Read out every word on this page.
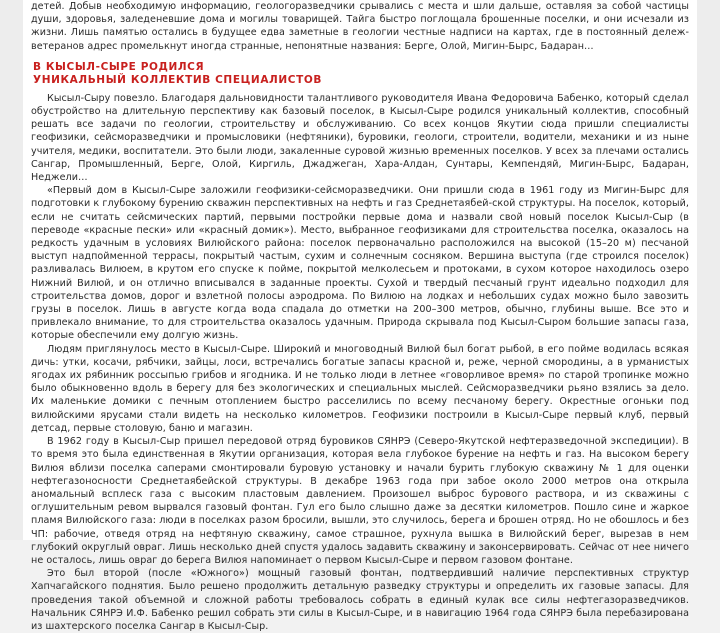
детей. Добыв необходимую информацию, геологоразведчики срывались с места и шли дальше, оставляя за собой частицы души, здоровья, заледеневшие дома и могилы товарищей. Тайга быстро поглощала брошенные поселки, и они исчезали из жизни. Лишь памятью остались в будущее едва заметные в геологии честные надписи на картах, где в постоянный дележ-ветеранов адрес промелькнут иногда странные, непонятные названия: Берге, Олой, Мигин-Бырс, Бадаран…

В КЫСЫЛ-СЫРЕ РОДИЛСЯ
УНИКАЛЬНЫЙ КОЛЛЕКТИВ СПЕЦИАЛИСТОВ

Кысыл-Сыру повезло. Благодаря дальновидности талантливого руководителя Ивана Федоровича Бабенко, который сделал обустройство на длительную перспективу как базовый поселок, в Кысыл-Сыре родился уникальный коллектив, способный решать все задачи по геологии, строительству и обслуживанию. Со всех концов Якутии сюда пришли специалисты геофизики, сейсморазведчики и промысловики (нефтяники), буровики, геологи, строители, водители, механики и из ныне учителя, медики, воспитатели. Это были люди, закаленные суровой жизнью временных поселков. У всех за плечами остались Сангар, Промышленный, Берге, Олой, Киргиль, Джаджеган, Хара-Алдан, Сунтары, Кемпендяй, Мигин-Бырс, Бадаран, Неджели…

«Первый дом в Кысыл-Сыре заложили геофизики-сейсморазведчики. Они пришли сюда в 1961 году из Мигин-Бырс для подготовки к глубокому бурению скважин перспективных на нефть и газ Среднетаябей-ской структуры. На поселок, который, если не считать сейсмических партий, первыми постройки первые дома и назвали свой новый поселок Кысыл-Сыр (в переводе «красные пески» или «красный домик»). Место, выбранное геофизиками для строительства поселка, оказалось на редкость удачным в условиях Вилюйского района: поселок первоначально расположился на высокой (15–20 м) песчаной выступ надпойменной террасы, покрытый частым, сухим и солнечным сосняком. Вершина выступа (где строился поселок) разливалась Вилюем, в крутом его спуске к пойме, покрытой мелколесьем и протоками, в сухом которое находилось озеро Нижний Вилюй, и он отлично вписывался в заданные проекты. Сухой и твердый песчаный грунт идеально подходил для строительства домов, дорог и взлетной полосы аэродрома. По Вилюю на лодках и небольших судах можно было завозить грузы в поселок. Лишь в августе когда вода спадала до отметки на 200–300 метров, обычно, глубины выше. Все это и привлекало внимание, то для строительства оказалось удачным. Природа скрывала под Кысыл-Сыром большие запасы газа, которые обеспечили ему долгую жизнь.

Людям приглянулось место в Кысыл-Сыре. Широкий и многоводный Вилюй был богат рыбой, в его пойме водилась всякая дичь: утки, косачи, рябчики, зайцы, лоси, встречались богатые запасы красной и, реже, черной смородины, а в урманистых ягодах их рябинник россыпью грибов и ягодника. И не только люди в летнее «говорливое время» по старой тропинке можно было обыкновенно вдоль в берегу для без экологических и специальных мыслей. Сейсморазведчики рьяно взялись за дело. Их маленькие домики с печным отоплением быстро расселились по всему песчаному берегу. Окрестные огоньки под вилюйскими ярусами стали видеть на несколько километров. Геофизики построили в Кысыл-Сыре первый клуб, первый детсад, первые столовую, баню и магазин.

В 1962 году в Кысыл-Сыр пришел передовой отряд буровиков СЯНРЭ (Северо-Якутской нефтеразведочной экспедиции). В то время это была единственная в Якутии организация, которая вела глубокое бурение на нефть и газ. На высоком берегу Вилюя вблизи поселка саперами смонтировали буровую установку и начали бурить глубокую скважину № 1 для оценки нефтегазоносности Среднетаябейской структуры. В декабре 1963 года при забое около 2000 метров она открыла аномальный всплеск газа с высоким пластовым давлением. Произошел выброс бурового раствора, и из скважины с оглушительным ревом вырвался газовый фонтан. Гул его было слышно даже за десятки километров. Пошло сине и жаркое пламя Вилюйского газа: люди в поселках разом бросили, вышли, это случилось, берега и брошен отряд. Но не обошлось и без ЧП: рабочие, отведя отряд на нефтяную скважину, самое страшное, рухнула вышка в Вилюйский берег, вырезав в нем глубокий округлый овраг. Лишь несколько дней спустя удалось задавить скважину и законсервировать. Сейчас от нее ничего не осталось, лишь овраг до берега Вилюя напоминает о первом Кысыл-Сыре и первом газовом фонтане.

Это был второй (после «Южного») мощный газовый фонтан, подтвердивший наличие перспективных структур Хапчагайского поднятия. Было решено продолжить детальную разведку структуры и определить их газовые запасы. Для проведения такой объемной и сложной работы требовалось собрать в единый кулак все силы нефтегазоразведчиков. Начальник СЯНРЭ И.Ф. Бабенко решил собрать эти силы в Кысыл-Сыре, и в навигацию 1964 года СЯНРЭ была перебазирована из шахтерского поселка Сангар в Кысыл-Сыр.
